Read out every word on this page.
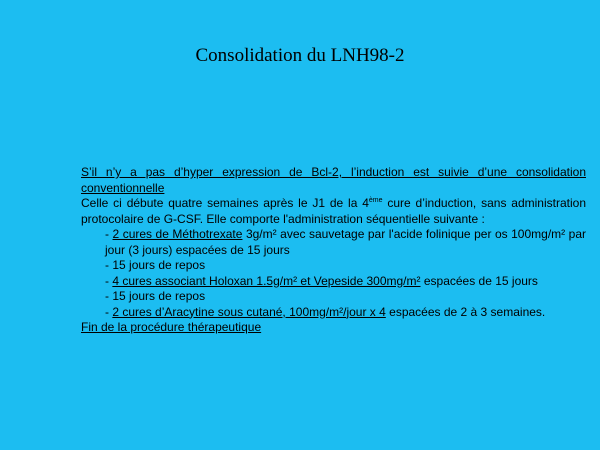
Consolidation du LNH98-2

S’il n’y a pas d’hyper expression de Bcl-2, l’induction est suivie d’une consolidation conventionnelle

Celle ci débute quatre semaines après le J1 de la 4ème cure d’induction, sans administration protocolaire de G-CSF. Elle comporte l'administration séquentielle suivante :

- 2 cures de Méthotrexate 3g/m² avec sauvetage par l'acide folinique per os 100mg/m² par jour (3 jours) espacées de 15 jours

- 15 jours de repos

- 4 cures associant Holoxan 1.5g/m² et Vepeside 300mg/m² espacées de 15 jours

- 15 jours de repos

- 2 cures d’Aracytine sous cutané, 100mg/m²/jour x 4 espacées de 2 à 3 semaines.

Fin de la procédure thérapeutique
